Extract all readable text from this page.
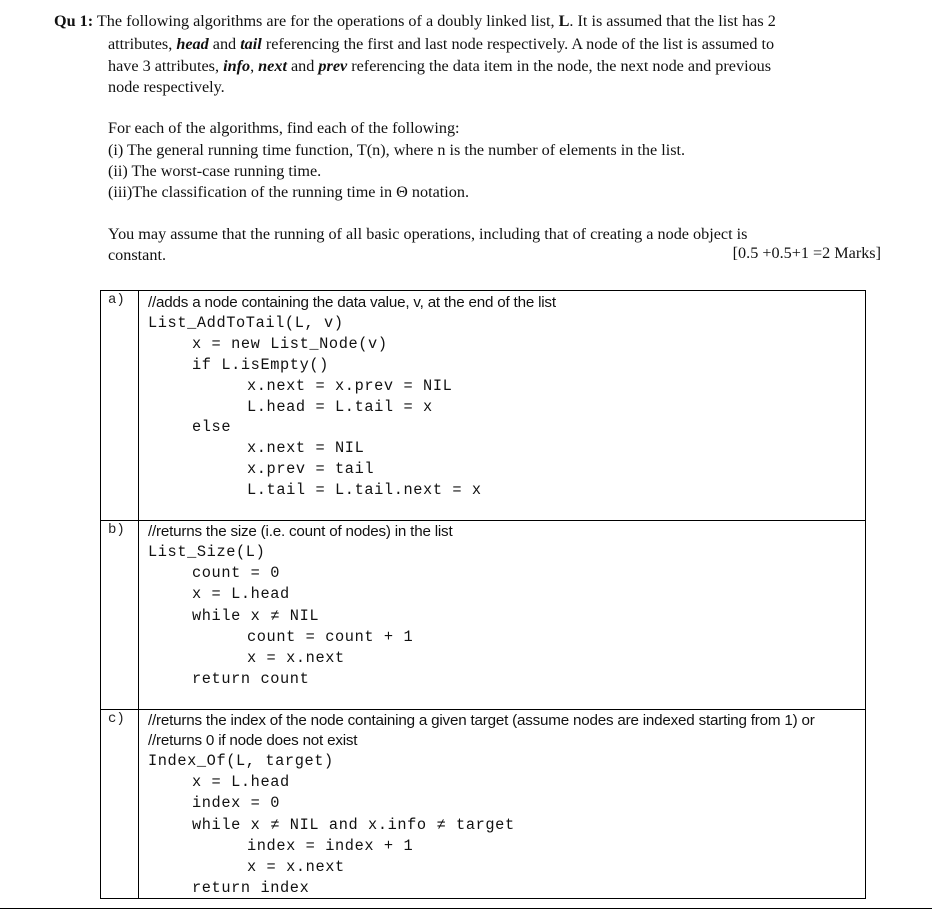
Qu 1: The following algorithms are for the operations of a doubly linked list, L. It is assumed that the list has 2
attributes, head and tail referencing the first and last node respectively. A node of the list is assumed to
have 3 attributes, info, next and prev referencing the data item in the node, the next node and previous
node respectively.
For each of the algorithms, find each of the following:
(i) The general running time function, T(n), where n is the number of elements in the list.
(ii) The worst-case running time.
(iii)The classification of the running time in Θ notation.
You may assume that the running of all basic operations, including that of creating a node object is
constant.	[0.5 +0.5+1 =2 Marks]
a) //adds a node containing the data value, v, at the end of the list
List_AddToTail(L, v)
x = new List_Node(v)
if L.isEmpty()
x.next = x.prev = NIL
L.head = L.tail = x
else
x.next = NIL
x.prev = tail
L.tail = L.tail.next = x
b) //returns the size (i.e. count of nodes) in the list
List_Size(L)
count = 0
x = L.head
while x ≠ NIL
count = count + 1
x = x.next
return count
c) //returns the index of the node containing a given target (assume nodes are indexed starting from 1) or
//returns 0 if node does not exist
Index_Of(L, target)
x = L.head
index = 0
while x ≠ NIL and x.info ≠ target
index = index + 1
x = x.next
return index
